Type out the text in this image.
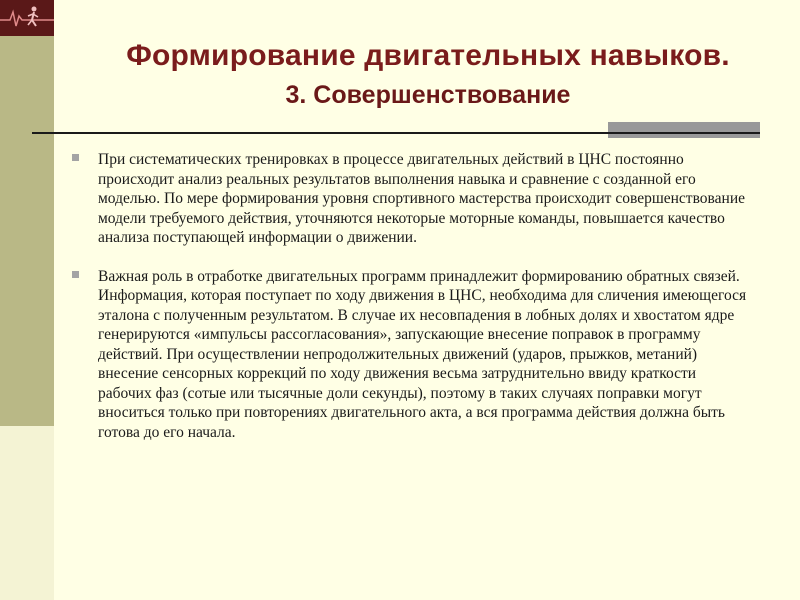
Формирование двигательных навыков.
3. Совершенствование
При систематических тренировках в процессе двигательных действий в ЦНС постоянно происходит анализ реальных результатов выполнения навыка и сравнение с созданной его моделью. По мере формирования уровня спортивного мастерства происходит совершенствование модели требуемого действия, уточняются некоторые моторные команды, повышается качество анализа поступающей информации о движении.
Важная роль в отработке двигательных программ принадлежит формированию обратных связей. Информация, которая поступает по ходу движения в ЦНС, необходима для сличения имеющегося эталона с полученным результатом. В случае их несовпадения в лобных долях и хвостатом ядре генерируются «импульсы рассогласования», запускающие внесение поправок в программу действий. При осуществлении непродолжительных движений (ударов, прыжков, метаний) внесение сенсорных коррекций по ходу движения весьма затруднительно ввиду краткости рабочих фаз (сотые или тысячные доли секунды), поэтому в таких случаях поправки могут вноситься только при повторениях двигательного акта, а вся программа действия должна быть готова до его начала.
